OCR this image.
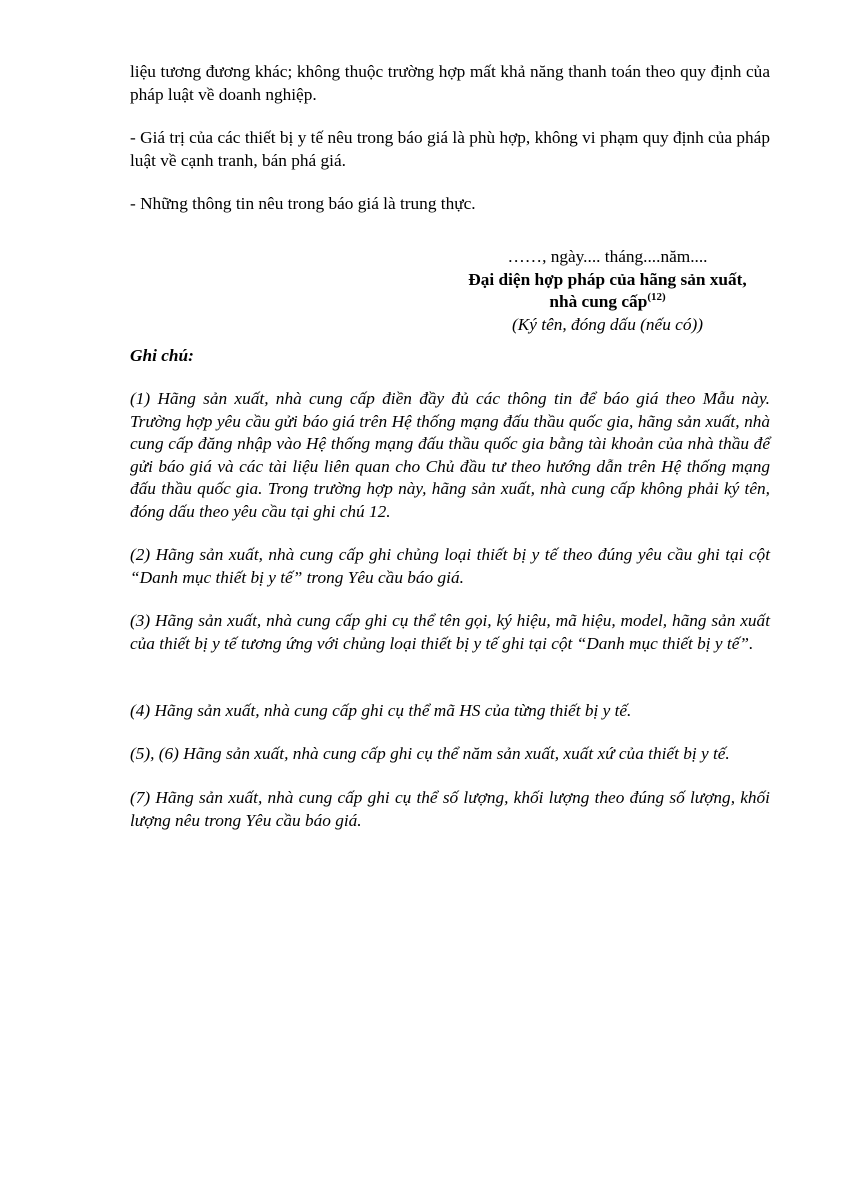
liệu tương đương khác; không thuộc trường hợp mất khả năng thanh toán theo quy định của pháp luật về doanh nghiệp.

- Giá trị của các thiết bị y tế nêu trong báo giá là phù hợp, không vi phạm quy định của pháp luật về cạnh tranh, bán phá giá.

- Những thông tin nêu trong báo giá là trung thực.

……, ngày.... tháng....năm....
Đại diện hợp pháp của hãng sản xuất,
nhà cung cấp$^{(12)}$
(Ký tên, đóng dấu (nếu có))
Ghi chú:

(1) Hãng sản xuất, nhà cung cấp điền đầy đủ các thông tin để báo giá theo Mẫu này. Trường hợp yêu cầu gửi báo giá trên Hệ thống mạng đấu thầu quốc gia, hãng sản xuất, nhà cung cấp đăng nhập vào Hệ thống mạng đấu thầu quốc gia bằng tài khoản của nhà thầu để gửi báo giá và các tài liệu liên quan cho Chủ đầu tư theo hướng dẫn trên Hệ thống mạng đấu thầu quốc gia. Trong trường hợp này, hãng sản xuất, nhà cung cấp không phải ký tên, đóng dấu theo yêu cầu tại ghi chú 12.

(2) Hãng sản xuất, nhà cung cấp ghi chủng loại thiết bị y tế theo đúng yêu cầu ghi tại cột “Danh mục thiết bị y tế” trong Yêu cầu báo giá.

(3) Hãng sản xuất, nhà cung cấp ghi cụ thể tên gọi, ký hiệu, mã hiệu, model, hãng sản xuất của thiết bị y tế tương ứng với chủng loại thiết bị y tế ghi tại cột “Danh mục thiết bị y tế”.

(4) Hãng sản xuất, nhà cung cấp ghi cụ thể mã HS của từng thiết bị y tế.

(5), (6) Hãng sản xuất, nhà cung cấp ghi cụ thể năm sản xuất, xuất xứ của thiết bị y tế.

(7) Hãng sản xuất, nhà cung cấp ghi cụ thể số lượng, khối lượng theo đúng số lượng, khối lượng nêu trong Yêu cầu báo giá.
